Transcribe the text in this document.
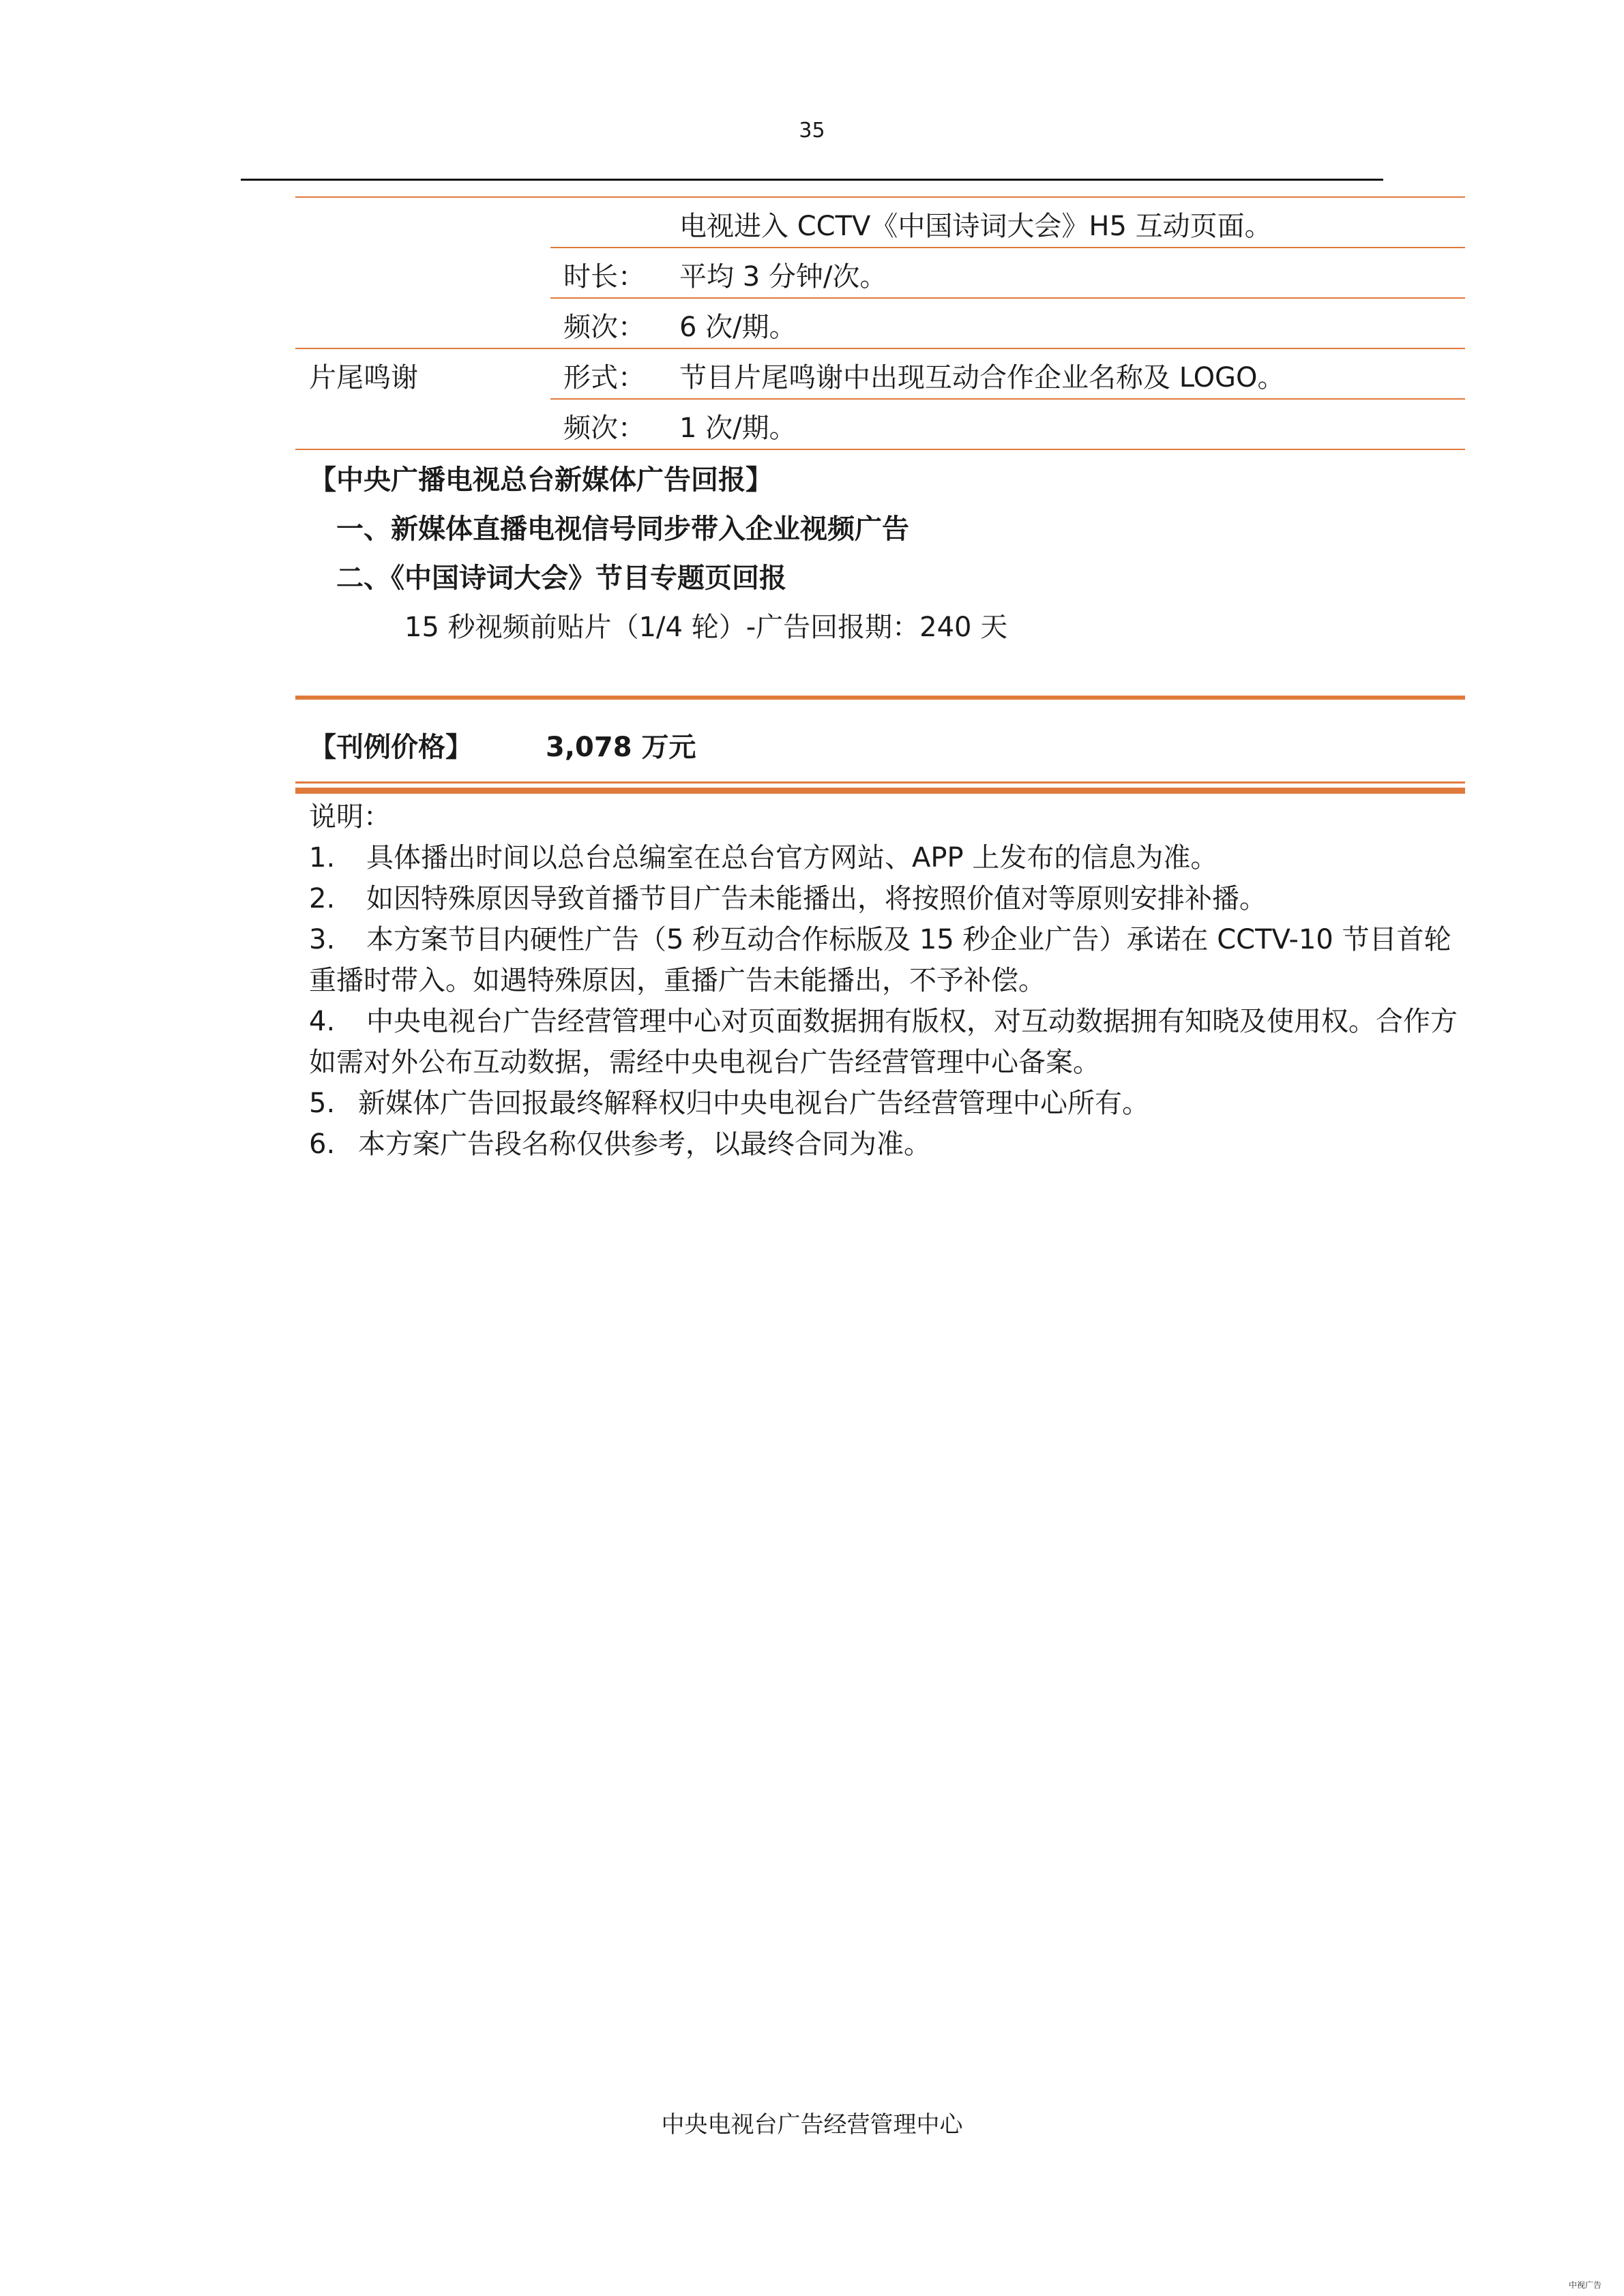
35
电视进入 CCTV《中国诗词大会》H5 互动页面。
时长： 平均 3 分钟/次。
频次： 6 次/期。
片尾鸣谢	形式： 节目片尾鸣谢中出现互动合作企业名称及 LOGO。
频次： 1 次/期。
【中央广播电视总台新媒体广告回报】
一、新媒体直播电视信号同步带入企业视频广告
二、《中国诗词大会》节目专题页回报
15 秒视频前贴片（1/4 轮）-广告回报期：240 天
【刊例价格】	3,078 万元
说明：
1. 具体播出时间以总台总编室在总台官方网站、APP 上发布的信息为准。
2. 如因特殊原因导致首播节目广告未能播出，将按照价值对等原则安排补播。
3. 本方案节目内硬性广告（5 秒互动合作标版及 15 秒企业广告）承诺在 CCTV-10 节目首轮
重播时带入。如遇特殊原因，重播广告未能播出，不予补偿。
4. 中央电视台广告经营管理中心对页面数据拥有版权，对互动数据拥有知晓及使用权。合作方
如需对外公布互动数据，需经中央电视台广告经营管理中心备案。
5. 新媒体广告回报最终解释权归中央电视台广告经营管理中心所有。
6. 本方案广告段名称仅供参考，以最终合同为准。
中央电视台广告经营管理中心
中视广告
